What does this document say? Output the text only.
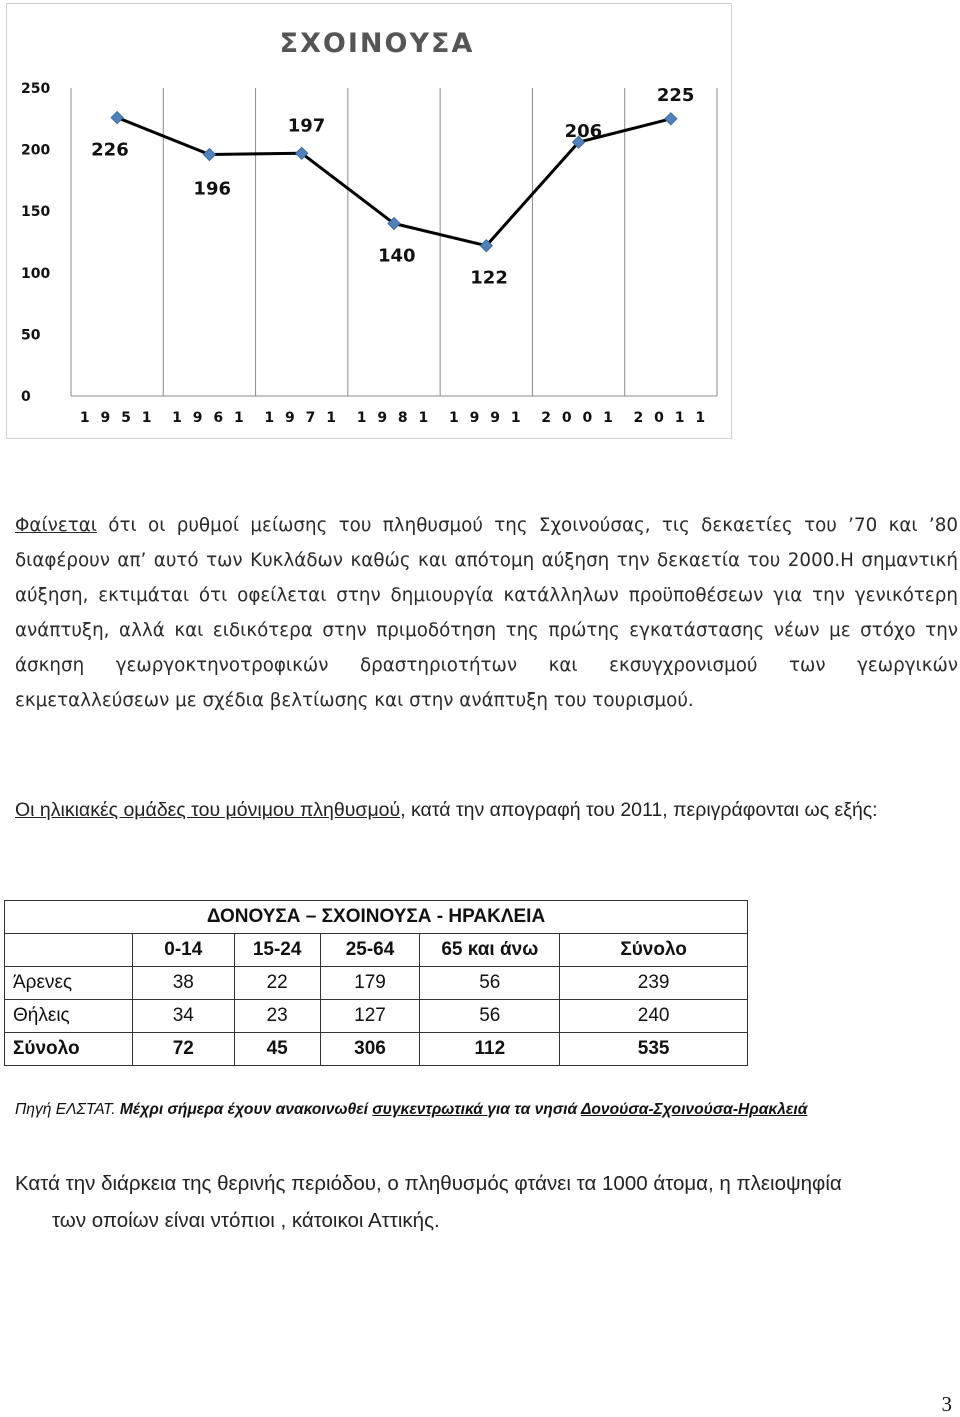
ΣΧΟΙΝΟΥΣΑ
250
200
150
100
50
0
1 9 5 1 1 9 6 1 1 9 7 1 1 9 8 1 1 9 9 1 2 0 0 1 2 0 1 1
226
196
197
140
122
206
225

Φαίνεται ότι οι ρυθμοί μείωσης του πληθυσμού της Σχοινούσας, τις δεκαετίες του ’70 και ’80 διαφέρουν απ’ αυτό των Κυκλάδων καθώς και απότομη αύξηση την δεκαετία του 2000.Η σημαντική αύξηση, εκτιμάται ότι οφείλεται στην δημιουργία κατάλληλων προϋποθέσεων για την γενικότερη ανάπτυξη, αλλά και ειδικότερα στην πριμοδότηση της πρώτης εγκατάστασης νέων με στόχο την άσκηση γεωργοκτηνοτροφικών δραστηριοτήτων και εκσυγχρονισμού των γεωργικών εκμεταλλεύσεων με σχέδια βελτίωσης και στην ανάπτυξη του τουρισμού.

Οι ηλικιακές ομάδες του μόνιμου πληθυσμού, κατά την απογραφή του 2011, περιγράφονται ως εξής:

ΔΟΝΟΥΣΑ – ΣΧΟΙΝΟΥΣΑ - ΗΡΑΚΛΕΙΑ					
	0-14	15-24	25-64	65 και άνω	Σύνολο
Άρενες	38	22	179	56	239
Θήλεις	34	23	127	56	240
Σύνολο	72	45	306	112	535

Πηγή ΕΛΣΤΑΤ. Μέχρι σήμερα έχουν ανακοινωθεί συγκεντρωτικά για τα νησιά Δονούσα-Σχοινούσα-Ηρακλειά

Κατά την διάρκεια της θερινής περιόδου, ο πληθυσμός φτάνει τα 1000 άτομα, η πλειοψηφία
των οποίων είναι ντόπιοι , κάτοικοι Αττικής.
3
